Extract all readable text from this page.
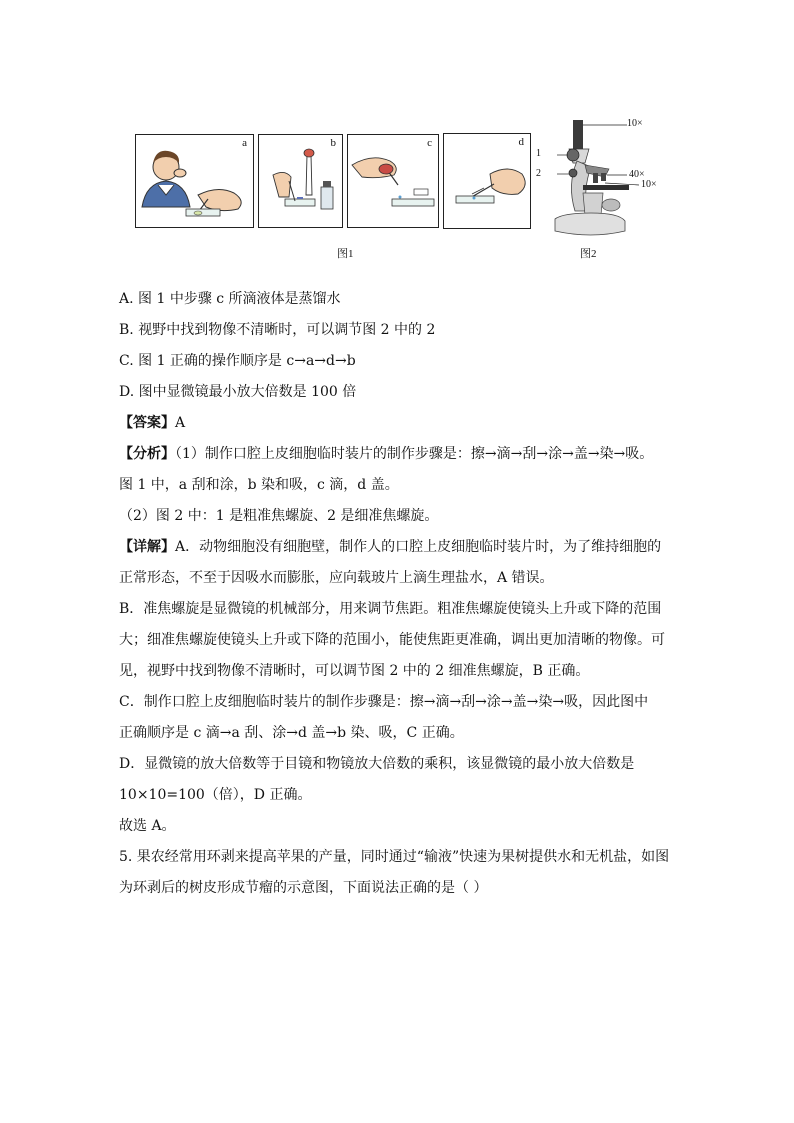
a	b	c	d
10×
1
2	40×
10×
图1	图2
A. 图 1 中步骤 c 所滴液体是蒸馏水
B. 视野中找到物像不清晰时，可以调节图 2 中的 2
C. 图 1 正确的操作顺序是 c→a→d→b
D. 图中显微镜最小放大倍数是 100 倍
【答案】A
【分析】（1）制作口腔上皮细胞临时装片的制作步骤是：擦→滴→刮→涂→盖→染→吸。
图 1 中，a 刮和涂，b 染和吸，c 滴，d 盖。
（2）图 2 中：1 是粗准焦螺旋、2 是细准焦螺旋。
【详解】A．动物细胞没有细胞壁，制作人的口腔上皮细胞临时装片时，为了维持细胞的
正常形态，不至于因吸水而膨胀，应向载玻片上滴生理盐水，A 错误。
B．准焦螺旋是显微镜的机械部分，用来调节焦距。粗准焦螺旋使镜头上升或下降的范围
大；细准焦螺旋使镜头上升或下降的范围小，能使焦距更准确，调出更加清晰的物像。可
见，视野中找到物像不清晰时，可以调节图 2 中的 2 细准焦螺旋，B 正确。
C．制作口腔上皮细胞临时装片的制作步骤是：擦→滴→刮→涂→盖→染→吸，因此图中
正确顺序是 c 滴→a 刮、涂→d 盖→b 染、吸，C 正确。
D．显微镜的放大倍数等于目镜和物镜放大倍数的乘积，该显微镜的最小放大倍数是
10×10=100（倍），D 正确。
故选 A。
5. 果农经常用环剥来提高苹果的产量，同时通过“输液”快速为果树提供水和无机盐，如图
为环剥后的树皮形成节瘤的示意图，下面说法正确的是（ ）
